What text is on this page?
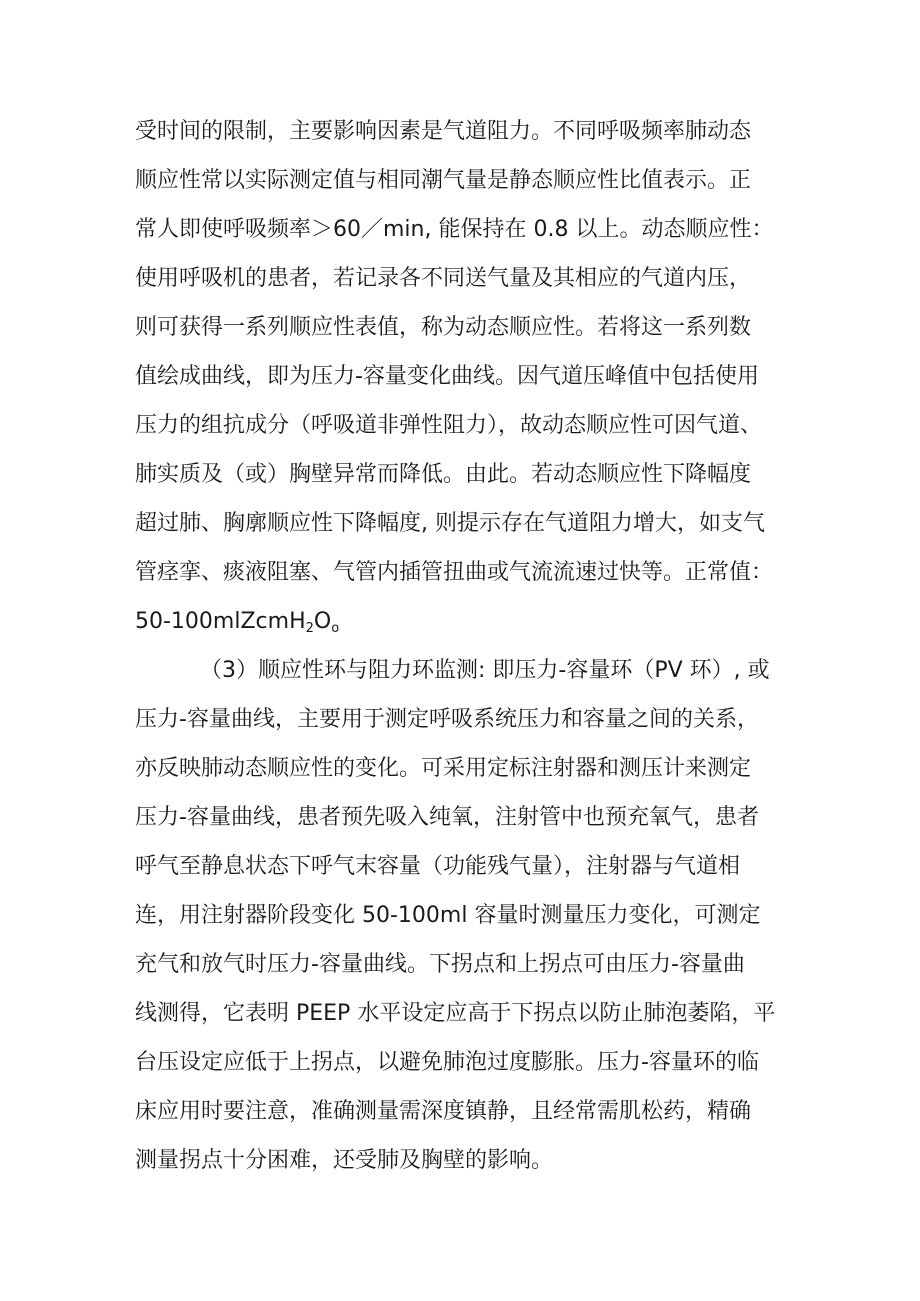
受时间的限制，主要影响因素是气道阻力。不同呼吸频率肺动态

顺应性常以实际测定值与相同潮气量是静态顺应性比值表示。正

常人即使呼吸频率＞60／min, 能保持在 0.8 以上。动态顺应性：

使用呼吸机的患者，若记录各不同送气量及其相应的气道内压，

则可获得一系列顺应性表值，称为动态顺应性。若将这一系列数

值绘成曲线，即为压力-容量变化曲线。因气道压峰值中包括使用

压力的组抗成分（呼吸道非弹性阻力），故动态顺应性可因气道、

肺实质及（或）胸壁异常而降低。由此。若动态顺应性下降幅度

超过肺、胸廓顺应性下降幅度, 则提示存在气道阻力增大，如支气

管痉挛、痰液阻塞、气管内插管扭曲或气流流速过快等。正常值：

$50-100mlZcmH_2O_o$

（3）顺应性环与阻力环监测: 即压力-容量环（PV 环）, 或

压力-容量曲线，主要用于测定呼吸系统压力和容量之间的关系，

亦反映肺动态顺应性的变化。可采用定标注射器和测压计来测定

压力-容量曲线，患者预先吸入纯氧，注射管中也预充氧气，患者

呼气至静息状态下呼气末容量（功能残气量），注射器与气道相

连，用注射器阶段变化 50-100ml 容量时测量压力变化，可测定

充气和放气时压力-容量曲线。下拐点和上拐点可由压力-容量曲

线测得，它表明 PEEP 水平设定应高于下拐点以防止肺泡萎陷，平

台压设定应低于上拐点，以避免肺泡过度膨胀。压力-容量环的临

床应用时要注意，准确测量需深度镇静，且经常需肌松药，精确

测量拐点十分困难，还受肺及胸壁的影响。
